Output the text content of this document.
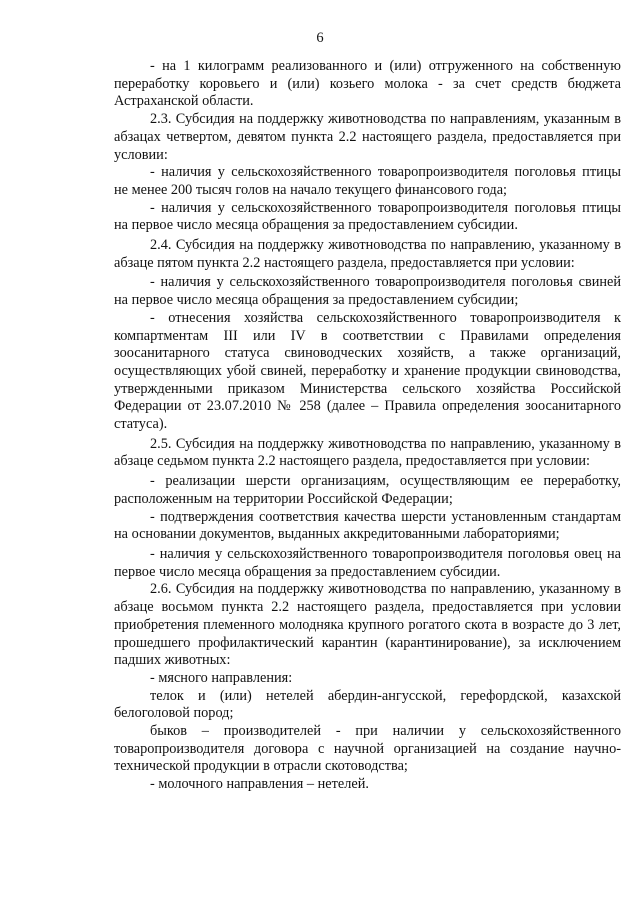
6

- на 1 килограмм реализованного и (или) отгруженного на собственную переработку коровьего и (или) козьего молока - за счет средств бюджета Астраханской области.

2.3. Субсидия на поддержку животноводства по направлениям, указанным в абзацах четвертом, девятом пункта 2.2 настоящего раздела, предоставляется при условии:

- наличия у сельскохозяйственного товаропроизводителя поголовья птицы не менее 200 тысяч голов на начало текущего финансового года;

- наличия у сельскохозяйственного товаропроизводителя поголовья птицы на первое число месяца обращения за предоставлением субсидии.

2.4. Субсидия на поддержку животноводства по направлению, указанному в абзаце пятом пункта 2.2 настоящего раздела, предоставляется при условии:

- наличия у сельскохозяйственного товаропроизводителя поголовья свиней на первое число месяца обращения за предоставлением субсидии;

- отнесения хозяйства сельскохозяйственного товаропроизводителя к компартментам III или IV в соответствии с Правилами определения зоосанитарного статуса свиноводческих хозяйств, а также организаций, осуществляющих убой свиней, переработку и хранение продукции свиноводства, утвержденными приказом Министерства сельского хозяйства Российской Федерации от 23.07.2010 № 258 (далее – Правила определения зоосанитарного статуса).

2.5. Субсидия на поддержку животноводства по направлению, указанному в абзаце седьмом пункта 2.2 настоящего раздела, предоставляется при условии:

- реализации шерсти организациям, осуществляющим ее переработку, расположенным на территории Российской Федерации;

- подтверждения соответствия качества шерсти установленным стандартам на основании документов, выданных аккредитованными лабораториями;

- наличия у сельскохозяйственного товаропроизводителя поголовья овец на первое число месяца обращения за предоставлением субсидии.

2.6. Субсидия на поддержку животноводства по направлению, указанному в абзаце восьмом пункта 2.2 настоящего раздела, предоставляется при условии приобретения племенного молодняка крупного рогатого скота в возрасте до 3 лет, прошедшего профилактический карантин (карантинирование), за исключением падших животных:

- мясного направления:

телок и (или) нетелей абердин-ангусской, герефордской, казахской белоголовой пород;

быков – производителей - при наличии у сельскохозяйственного товаропроизводителя договора с научной организацией на создание научно-технической продукции в отрасли скотоводства;

- молочного направления – нетелей.
